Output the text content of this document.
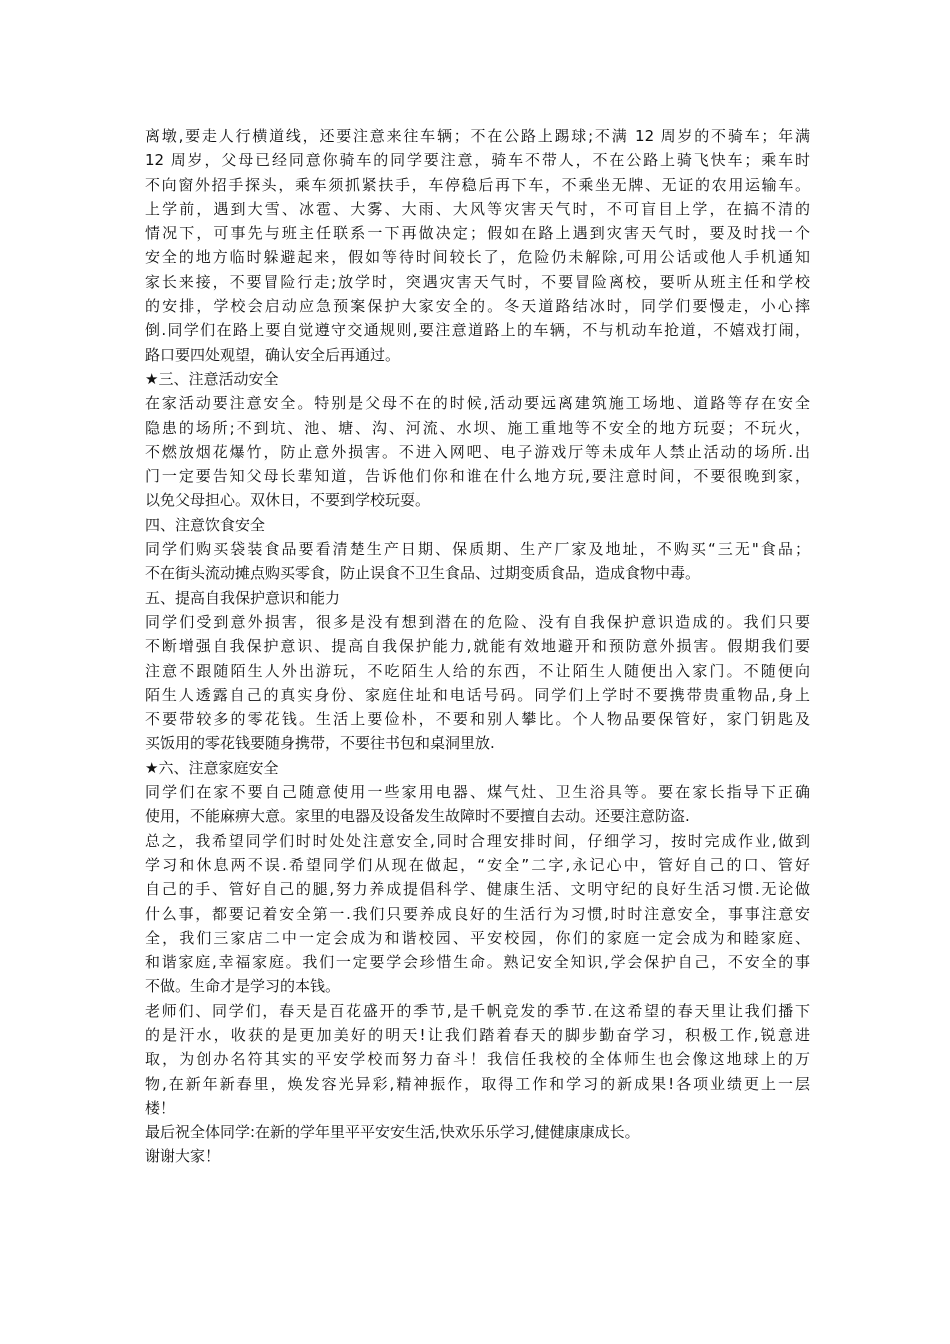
离墩,要走人行横道线，还要注意来往车辆；不在公路上踢球;不满 12 周岁的不骑车；年满
12 周岁，父母已经同意你骑车的同学要注意，骑车不带人，不在公路上骑飞快车；乘车时
不向窗外招手探头，乘车须抓紧扶手，车停稳后再下车，不乘坐无牌、无证的农用运输车。
上学前，遇到大雪、冰雹、大雾、大雨、大风等灾害天气时，不可盲目上学，在搞不清的
情况下，可事先与班主任联系一下再做决定；假如在路上遇到灾害天气时，要及时找一个
安全的地方临时躲避起来，假如等待时间较长了，危险仍未解除,可用公话或他人手机通知
家长来接，不要冒险行走;放学时，突遇灾害天气时，不要冒险离校，要听从班主任和学校
的安排，学校会启动应急预案保护大家安全的。冬天道路结冰时，同学们要慢走，小心摔
倒.同学们在路上要自觉遵守交通规则,要注意道路上的车辆，不与机动车抢道，不嬉戏打闹，
路口要四处观望，确认安全后再通过。
★三、注意活动安全
在家活动要注意安全。特别是父母不在的时候,活动要远离建筑施工场地、道路等存在安全
隐患的场所;不到坑、池、塘、沟、河流、水坝、施工重地等不安全的地方玩耍；不玩火，
不燃放烟花爆竹，防止意外损害。不进入网吧、电子游戏厅等未成年人禁止活动的场所.出
门一定要告知父母长辈知道，告诉他们你和谁在什么地方玩,要注意时间，不要很晚到家，
以免父母担心。双休日，不要到学校玩耍。
四、注意饮食安全
同学们购买袋装食品要看清楚生产日期、保质期、生产厂家及地址，不购买“三无"食品；
不在街头流动摊点购买零食，防止误食不卫生食品、过期变质食品，造成食物中毒。
五、提高自我保护意识和能力
同学们受到意外损害，很多是没有想到潜在的危险、没有自我保护意识造成的。我们只要
不断增强自我保护意识、提高自我保护能力,就能有效地避开和预防意外损害。假期我们要
注意不跟随陌生人外出游玩，不吃陌生人给的东西，不让陌生人随便出入家门。不随便向
陌生人透露自己的真实身份、家庭住址和电话号码。同学们上学时不要携带贵重物品,身上
不要带较多的零花钱。生活上要俭朴，不要和别人攀比。个人物品要保管好，家门钥匙及
买饭用的零花钱要随身携带，不要往书包和桌洞里放.
★六、注意家庭安全
同学们在家不要自己随意使用一些家用电器、煤气灶、卫生浴具等。要在家长指导下正确
使用，不能麻痹大意。家里的电器及设备发生故障时不要擅自去动。还要注意防盗.
总之，我希望同学们时时处处注意安全,同时合理安排时间，仔细学习，按时完成作业,做到
学习和休息两不误.希望同学们从现在做起，“安全”二字,永记心中，管好自己的口、管好
自己的手、管好自己的腿,努力养成提倡科学、健康生活、文明守纪的良好生活习惯.无论做
什么事，都要记着安全第一.我们只要养成良好的生活行为习惯,时时注意安全，事事注意安
全，我们三家店二中一定会成为和谐校园、平安校园，你们的家庭一定会成为和睦家庭、
和谐家庭,幸福家庭。我们一定要学会珍惜生命。熟记安全知识,学会保护自己，不安全的事
不做。生命才是学习的本钱。
老师们、同学们，春天是百花盛开的季节,是千帆竞发的季节.在这希望的春天里让我们播下
的是汗水，收获的是更加美好的明天!让我们踏着春天的脚步勤奋学习，积极工作,锐意进
取，为创办名符其实的平安学校而努力奋斗！我信任我校的全体师生也会像这地球上的万
物,在新年新春里，焕发容光异彩,精神振作，取得工作和学习的新成果!各项业绩更上一层
楼！
最后祝全体同学:在新的学年里平平安安生活,快欢乐乐学习,健健康康成长。
谢谢大家！
